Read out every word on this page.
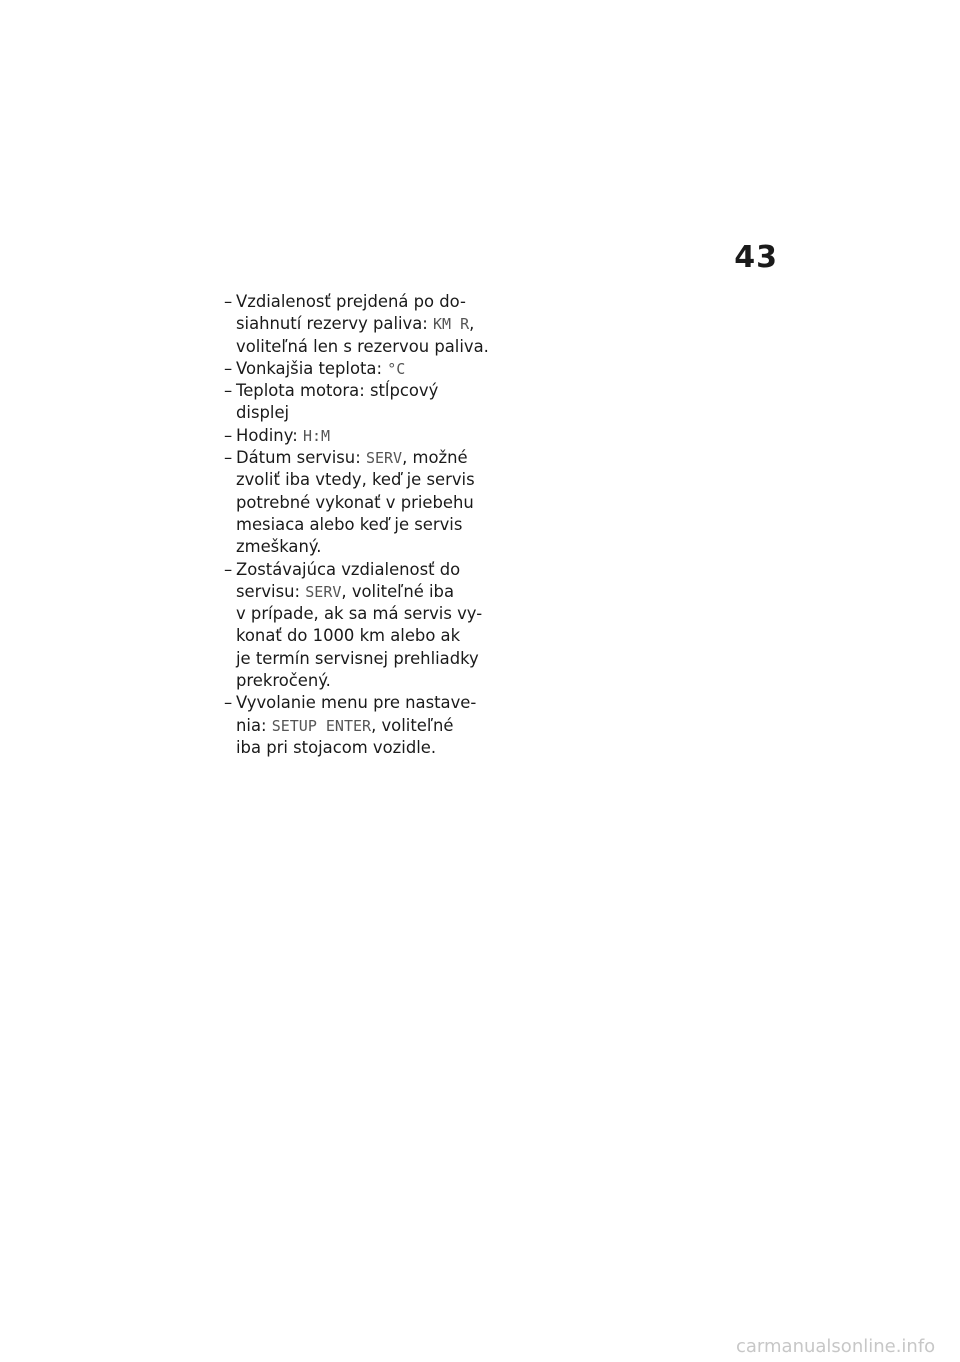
43
– Vzdialenosť prejdená po do-
siahnutí rezervy paliva: KM R,
voliteľná len s rezervou paliva.
– Vonkajšia teplota: °C
– Teplota motora: stĺpcový
displej
– Hodiny: H:M
– Dátum servisu: SERV, možné
zvoliť iba vtedy, keď je servis
potrebné vykonať v priebehu
mesiaca alebo keď je servis
zmeškaný.
– Zostávajúca vzdialenosť do
servisu: SERV, voliteľné iba
v prípade, ak sa má servis vy-
konať do 1000 km alebo ak
je termín servisnej prehliadky
prekročený.
– Vyvolanie menu pre nastave-
nia: SETUP ENTER, voliteľné
iba pri stojacom vozidle.
carmanualsonline.info
